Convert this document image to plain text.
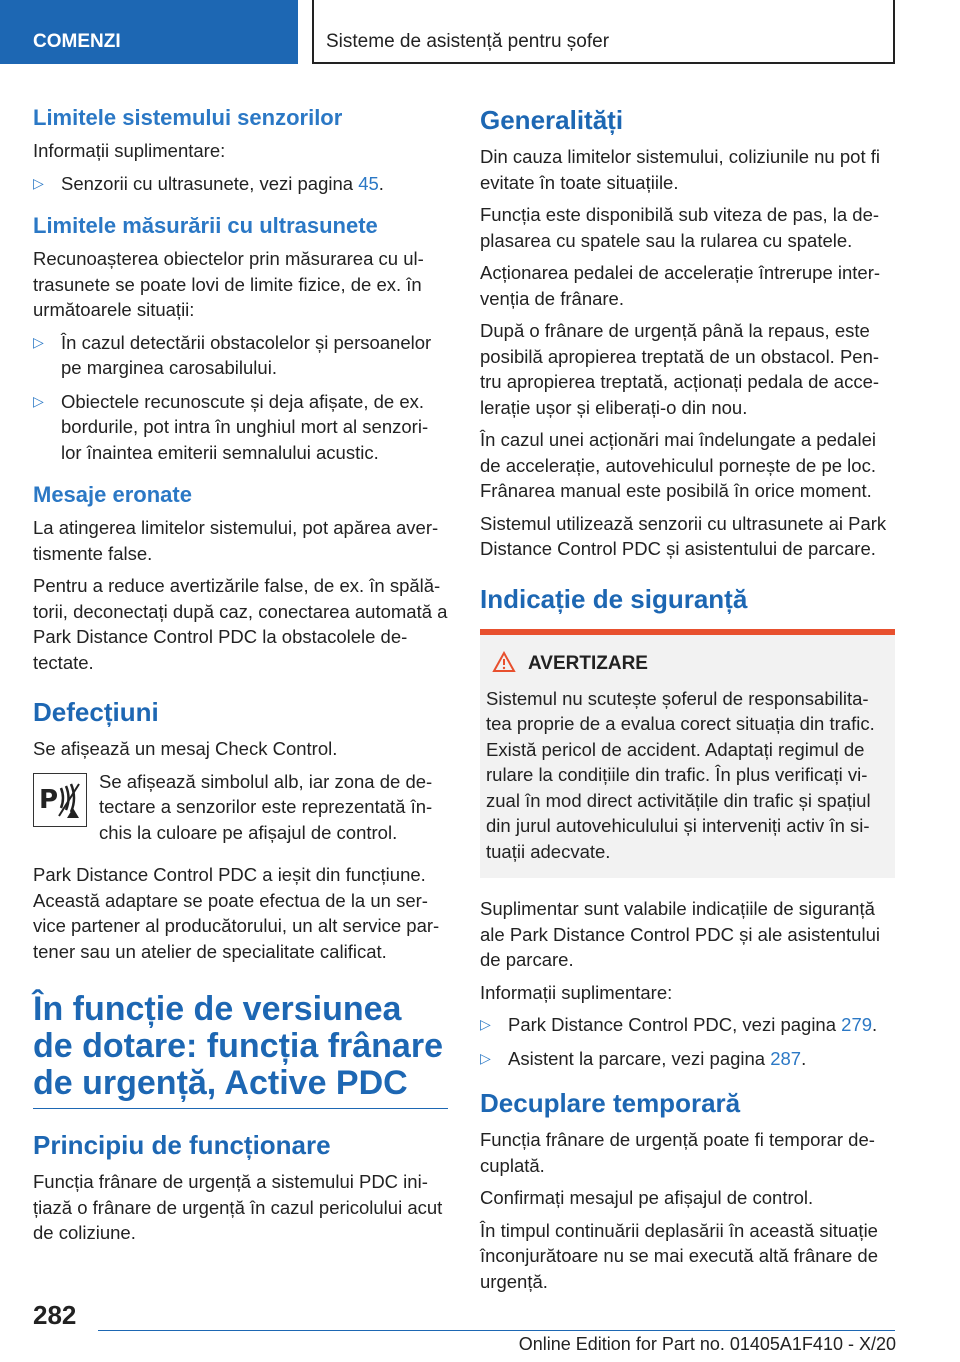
COMENZI	Sisteme de asistență pentru șofer
Limitele sistemului senzorilor

Informații suplimentare:

▷ Senzorii cu ultrasunete, vezi pagina 45.
Limitele măsurării cu ultrasunete

Recunoașterea obiectelor prin măsurarea cu ul-trasunete se poate lovi de limite fizice, de ex. în următoarele situații:

▷ În cazul detectării obstacolelor și persoanelor pe marginea carosabilului.
▷ Obiectele recunoscute și deja afișate, de ex. bordurile, pot intra în unghiul mort al senzori-lor înaintea emiterii semnalului acustic.
Mesaje eronate

La atingerea limitelor sistemului, pot apărea aver-tismente false.

Pentru a reduce avertizările false, de ex. în spălă-torii, deconectați după caz, conectarea automată a Park Distance Control PDC la obstacolele de-tectate.

Defecțiuni

Se afișează un mesaj Check Control.

P

Se afișează simbolul alb, iar zona de de-tectare a senzorilor este reprezentată în-chis la culoare pe afișajul de control.

Park Distance Control PDC a ieșit din funcțiune. Această adaptare se poate efectua de la un ser-vice partener al producătorului, un alt service par-tener sau un atelier de specialitate calificat.

În funcție de versiunea de dotare: funcția frânare de urgență, Active PDC
Principiu de funcționare

Funcția frânare de urgență a sistemului PDC ini-țiază o frânare de urgență în cazul pericolului acut de coliziune.

Generalități

Din cauza limitelor sistemului, coliziunile nu pot fi evitate în toate situațiile.

Funcția este disponibilă sub viteza de pas, la de-plasarea cu spatele sau la rularea cu spatele.

Acționarea pedalei de accelerație întrerupe inter-venția de frânare.

După o frânare de urgență până la repaus, este posibilă apropierea treptată de un obstacol. Pen-tru apropierea treptată, acționați pedala de acce-lerație ușor și eliberați-o din nou.

În cazul unei acționări mai îndelungate a pedalei de accelerație, autovehiculul pornește de pe loc. Frânarea manual este posibilă în orice moment.

Sistemul utilizează senzorii cu ultrasunete ai Park Distance Control PDC și asistentului de parcare.

Indicație de siguranță
AVERTIZARE

Sistemul nu scutește șoferul de responsabilita-tea proprie de a evalua corect situația din trafic. Există pericol de accident. Adaptați regimul de rulare la condițiile din trafic. În plus verificați vi-zual în mod direct activitățile din trafic și spațiul din jurul autovehiculului și interveniți activ în si-tuații adecvate.

Suplimentar sunt valabile indicațiile de siguranță ale Park Distance Control PDC și ale asistentului de parcare.

Informații suplimentare:

▷ Park Distance Control PDC, vezi pagina 279.
▷ Asistent la parcare, vezi pagina 287.
Decuplare temporară

Funcția frânare de urgență poate fi temporar de-cuplată.

Confirmați mesajul pe afișajul de control.

În timpul continuării deplasării în această situație înconjurătoare nu se mai execută altă frânare de urgență.

282
Online Edition for Part no. 01405A1F410 - X/20
